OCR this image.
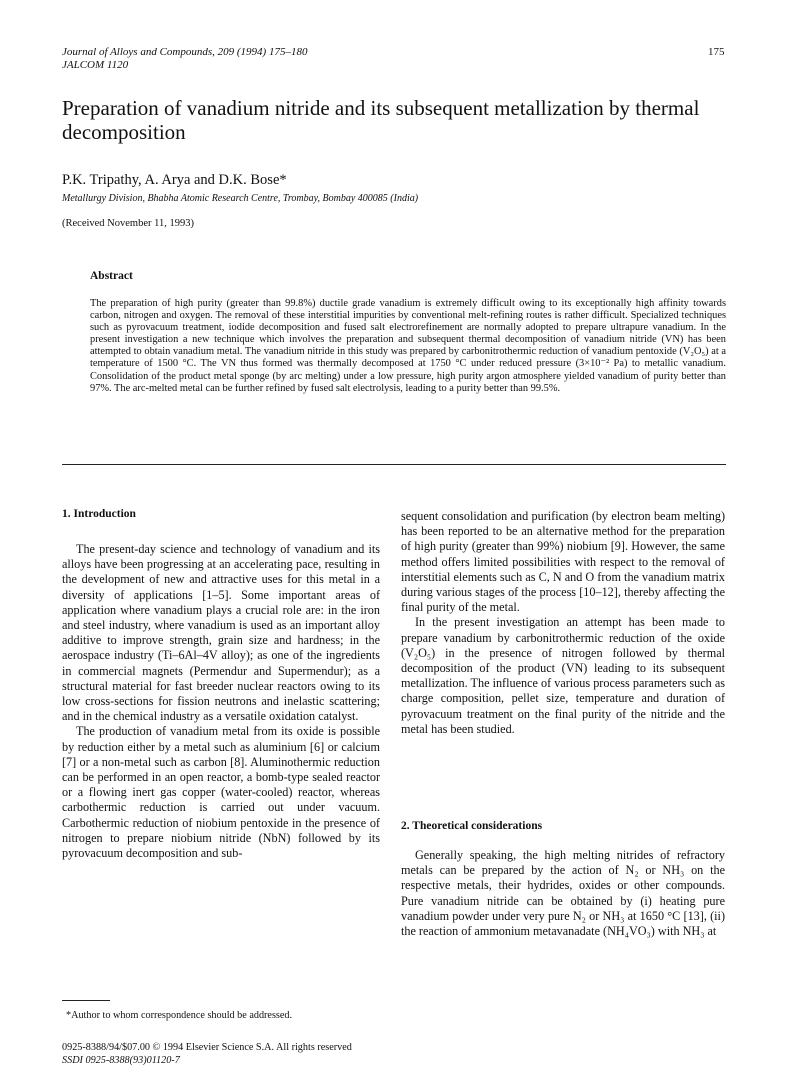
Journal of Alloys and Compounds, 209 (1994) 175–180
JALCOM 1120
175
Preparation of vanadium nitride and its subsequent metallization by thermal decomposition
P.K. Tripathy, A. Arya and D.K. Bose*
Metallurgy Division, Bhabha Atomic Research Centre, Trombay, Bombay 400085 (India)
(Received November 11, 1993)
Abstract
The preparation of high purity (greater than 99.8%) ductile grade vanadium is extremely difficult owing to its exceptionally high affinity towards carbon, nitrogen and oxygen. The removal of these interstitial impurities by conventional melt-refining routes is rather difficult. Specialized techniques such as pyrovacuum treatment, iodide decomposition and fused salt electrorefinement are normally adopted to prepare ultrapure vanadium. In the present investigation a new technique which involves the preparation and subsequent thermal decomposition of vanadium nitride (VN) has been attempted to obtain vanadium metal. The vanadium nitride in this study was prepared by carbonitrothermic reduction of vanadium pentoxide (V₂O₅) at a temperature of 1500 °C. The VN thus formed was thermally decomposed at 1750 °C under reduced pressure (3×10⁻² Pa) to metallic vanadium. Consolidation of the product metal sponge (by arc melting) under a low pressure, high purity argon atmosphere yielded vanadium of purity better than 97%. The arc-melted metal can be further refined by fused salt electrolysis, leading to a purity better than 99.5%.
1. Introduction

The present-day science and technology of vanadium and its alloys have been progressing at an accelerating pace, resulting in the development of new and attractive uses for this metal in a diversity of applications [1–5]. Some important areas of application where vanadium plays a crucial role are: in the iron and steel industry, where vanadium is used as an important alloy additive to improve strength, grain size and hardness; in the aerospace industry (Ti–6Al–4V alloy); as one of the ingredients in commercial magnets (Permendur and Supermendur); as a structural material for fast breeder nuclear reactors owing to its low cross-sections for fission neutrons and inelastic scattering; and in the chemical industry as a versatile oxidation catalyst.

The production of vanadium metal from its oxide is possible by reduction either by a metal such as aluminium [6] or calcium [7] or a non-metal such as carbon [8]. Aluminothermic reduction can be performed in an open reactor, a bomb-type sealed reactor or a flowing inert gas copper (water-cooled) reactor, whereas carbothermic reduction is carried out under vacuum. Carbothermic reduction of niobium pentoxide in the presence of nitrogen to prepare niobium nitride (NbN) followed by its pyrovacuum decomposition and sub-

sequent consolidation and purification (by electron beam melting) has been reported to be an alternative method for the preparation of high purity (greater than 99%) niobium [9]. However, the same method offers limited possibilities with respect to the removal of interstitial elements such as C, N and O from the vanadium matrix during various stages of the process [10–12], thereby affecting the final purity of the metal.

In the present investigation an attempt has been made to prepare vanadium by carbonitrothermic reduction of the oxide (V₂O₅) in the presence of nitrogen followed by thermal decomposition of the product (VN) leading to its subsequent metallization. The influence of various process parameters such as charge composition, pellet size, temperature and duration of pyrovacuum treatment on the final purity of the nitride and the metal has been studied.

2. Theoretical considerations

Generally speaking, the high melting nitrides of refractory metals can be prepared by the action of N₂ or NH₃ on the respective metals, their hydrides, oxides or other compounds. Pure vanadium nitride can be obtained by (i) heating pure vanadium powder under very pure N₂ or NH₃ at 1650 °C [13], (ii) the reaction of ammonium metavanadate (NH₄VO₃) with NH₃ at

*Author to whom correspondence should be addressed.
0925-8388/94/$07.00 © 1994 Elsevier Science S.A. All rights reserved
SSDI 0925-8388(93)01120-7
